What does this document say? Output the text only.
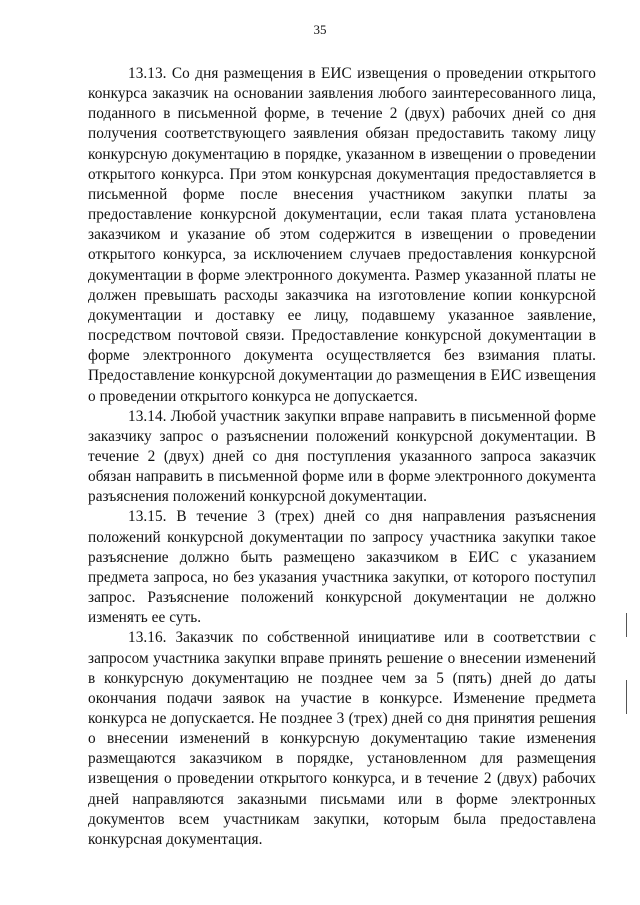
35

13.13. Со дня размещения в ЕИС извещения о проведении открытого конкурса заказчик на основании заявления любого заинтересованного лица, поданного в письменной форме, в течение 2 (двух) рабочих дней со дня получения соответствующего заявления обязан предоставить такому лицу конкурсную документацию в порядке, указанном в извещении о проведении открытого конкурса. При этом конкурсная документация предоставляется в письменной форме после внесения участником закупки платы за предоставление конкурсной документации, если такая плата установлена заказчиком и указание об этом содержится в извещении о проведении открытого конкурса, за исключением случаев предоставления конкурсной документации в форме электронного документа. Размер указанной платы не должен превышать расходы заказчика на изготовление копии конкурсной документации и доставку ее лицу, подавшему указанное заявление, посредством почтовой связи. Предоставление конкурсной документации в форме электронного документа осуществляется без взимания платы. Предоставление конкурсной документации до размещения в ЕИС извещения о проведении открытого конкурса не допускается.

13.14. Любой участник закупки вправе направить в письменной форме заказчику запрос о разъяснении положений конкурсной документации. В течение 2 (двух) дней со дня поступления указанного запроса заказчик обязан направить в письменной форме или в форме электронного документа разъяснения положений конкурсной документации.

13.15. В течение 3 (трех) дней со дня направления разъяснения положений конкурсной документации по запросу участника закупки такое разъяснение должно быть размещено заказчиком в ЕИС с указанием предмета запроса, но без указания участника закупки, от которого поступил запрос. Разъяснение положений конкурсной документации не должно изменять ее суть.

13.16. Заказчик по собственной инициативе или в соответствии с запросом участника закупки вправе принять решение о внесении изменений в конкурсную документацию не позднее чем за 5 (пять) дней до даты окончания подачи заявок на участие в конкурсе. Изменение предмета конкурса не допускается. Не позднее 3 (трех) дней со дня принятия решения о внесении изменений в конкурсную документацию такие изменения размещаются заказчиком в порядке, установленном для размещения извещения о проведении открытого конкурса, и в течение 2 (двух) рабочих дней направляются заказными письмами или в форме электронных документов всем участникам закупки, которым была предоставлена конкурсная документация.
